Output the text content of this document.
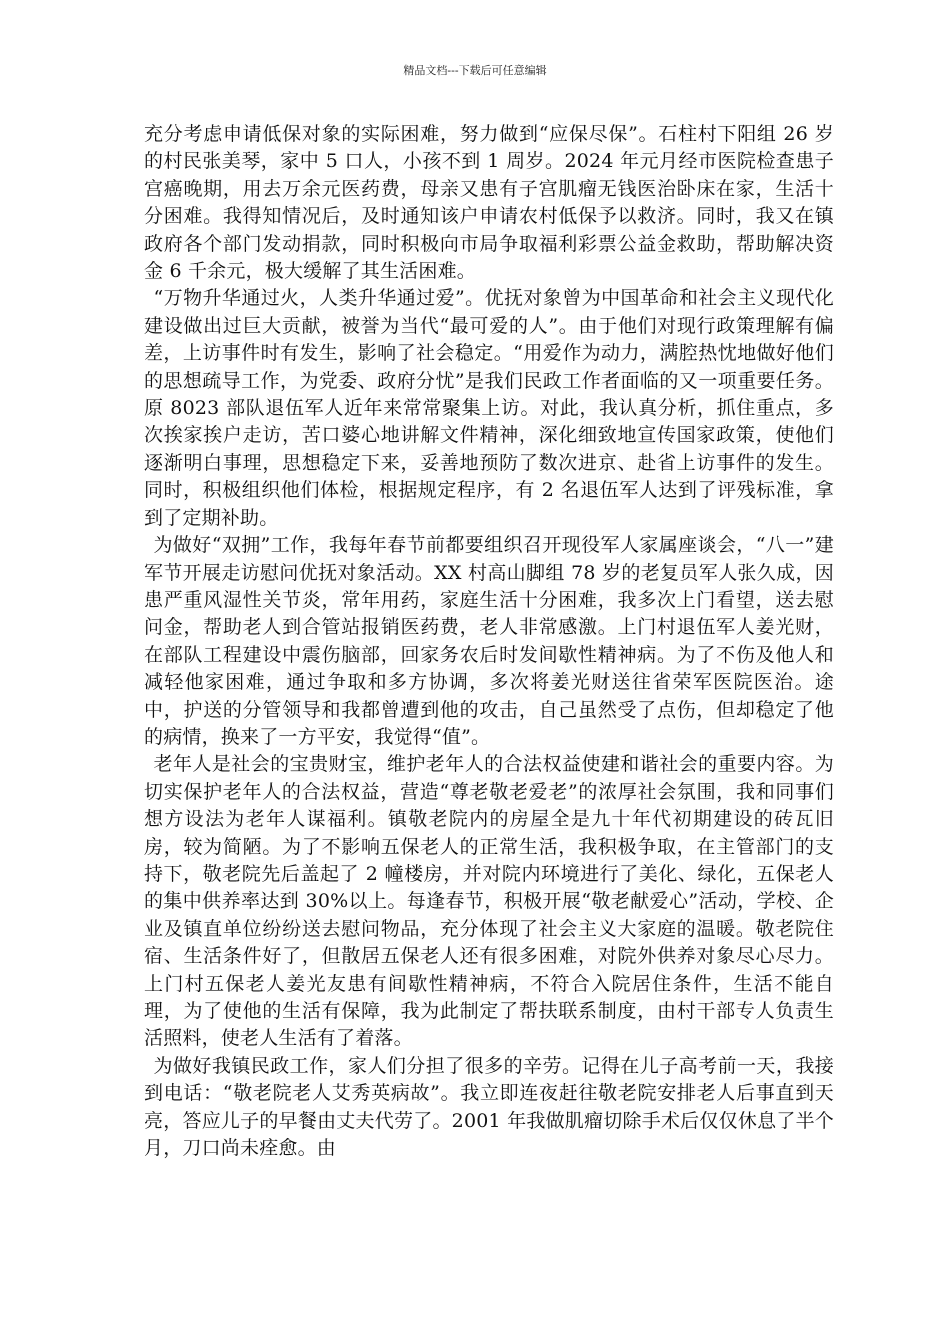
精品文档---下载后可任意编辑

充分考虑申请低保对象的实际困难，努力做到“应保尽保”。石柱村下阳组 26 岁的村民张美琴，家中 5 口人，小孩不到 1 周岁。2024 年元月经市医院检查患子宫癌晚期，用去万余元医药费，母亲又患有子宫肌瘤无钱医治卧床在家，生活十分困难。我得知情况后，及时通知该户申请农村低保予以救济。同时，我又在镇政府各个部门发动捐款，同时积极向市局争取福利彩票公益金救助，帮助解决资金 6 千余元，极大缓解了其生活困难。

“万物升华通过火，人类升华通过爱”。优抚对象曾为中国革命和社会主义现代化建设做出过巨大贡献，被誉为当代“最可爱的人”。由于他们对现行政策理解有偏差，上访事件时有发生，影响了社会稳定。“用爱作为动力，满腔热忱地做好他们的思想疏导工作，为党委、政府分忧”是我们民政工作者面临的又一项重要任务。原 8023 部队退伍军人近年来常常聚集上访。对此，我认真分析，抓住重点，多次挨家挨户走访，苦口婆心地讲解文件精神，深化细致地宣传国家政策，使他们逐渐明白事理，思想稳定下来，妥善地预防了数次进京、赴省上访事件的发生。同时，积极组织他们体检，根据规定程序，有 2 名退伍军人达到了评残标准，拿到了定期补助。

为做好“双拥”工作，我每年春节前都要组织召开现役军人家属座谈会，“八一”建军节开展走访慰问优抚对象活动。XX 村高山脚组 78 岁的老复员军人张久成，因患严重风湿性关节炎，常年用药，家庭生活十分困难，我多次上门看望，送去慰问金，帮助老人到合管站报销医药费，老人非常感激。上门村退伍军人姜光财，在部队工程建设中震伤脑部，回家务农后时发间歇性精神病。为了不伤及他人和减轻他家困难，通过争取和多方协调，多次将姜光财送往省荣军医院医治。途中，护送的分管领导和我都曾遭到他的攻击，自己虽然受了点伤，但却稳定了他的病情，换来了一方平安，我觉得“值”。

老年人是社会的宝贵财宝，维护老年人的合法权益使建和谐社会的重要内容。为切实保护老年人的合法权益，营造“尊老敬老爱老”的浓厚社会氛围，我和同事们想方设法为老年人谋福利。镇敬老院内的房屋全是九十年代初期建设的砖瓦旧房，较为简陋。为了不影响五保老人的正常生活，我积极争取，在主管部门的支持下，敬老院先后盖起了 2 幢楼房，并对院内环境进行了美化、绿化，五保老人的集中供养率达到 30%以上。每逢春节，积极开展“敬老献爱心”活动，学校、企业及镇直单位纷纷送去慰问物品，充分体现了社会主义大家庭的温暖。敬老院住宿、生活条件好了，但散居五保老人还有很多困难，对院外供养对象尽心尽力。上门村五保老人姜光友患有间歇性精神病，不符合入院居住条件，生活不能自理，为了使他的生活有保障，我为此制定了帮扶联系制度，由村干部专人负责生活照料，使老人生活有了着落。

为做好我镇民政工作，家人们分担了很多的辛劳。记得在儿子高考前一天，我接到电话：“敬老院老人艾秀英病故”。我立即连夜赶往敬老院安排老人后事直到天亮，答应儿子的早餐由丈夫代劳了。2001 年我做肌瘤切除手术后仅仅休息了半个月，刀口尚未痊愈。由
